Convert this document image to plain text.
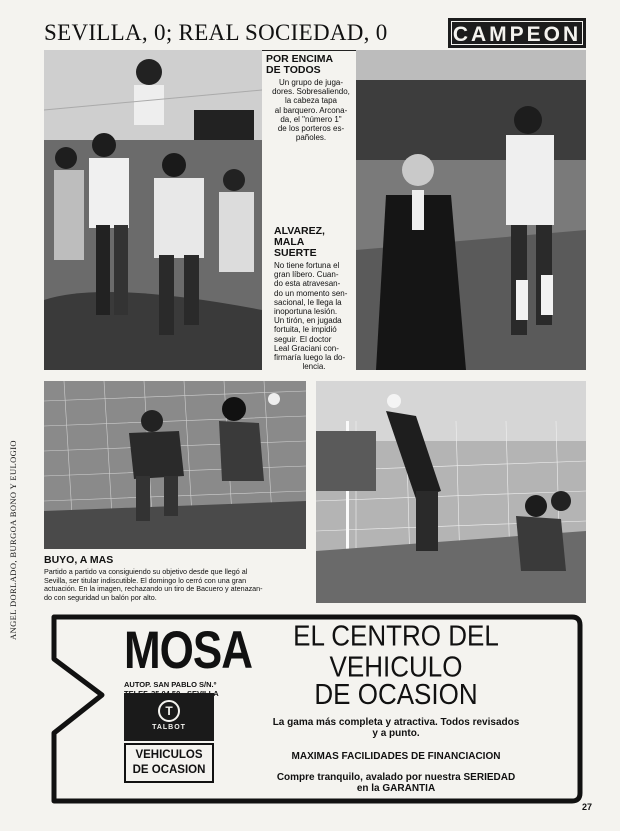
SEVILLA, 0; REAL SOCIEDAD, 0	CAMPEON
ANGEL DORLADO, BURGOA BONO Y EULOGIO
POR ENCIMA
DE TODOS
Un grupo de juga-
dores. Sobresaliendo,
la cabeza tapa
al barquero. Arcona-
da, el "número 1"
de los porteros es-
pañoles.
ALVAREZ,
MALA
SUERTE
No tiene fortuna el
gran líbero. Cuan-
do esta atravesan-
do un momento sen-
sacional, le llega la
inoportuna lesión.
Un tirón, en jugada
fortuita, le impidió
seguir. El doctor
Leal Graciani con-
firmaría luego la do-
lencia.
BUYO, A MAS
Partido a partido va consiguiendo su objetivo desde que llegó al
Sevilla, ser titular indiscutible. El domingo lo cerró con una gran
actuación. En la imagen, rechazando un tiro de Bacuero y atenazan-
do con seguridad un balón por alto.
MOSA
AUTOP. SAN PABLO S/N.º
T
TALBOT
VEHICULOS
DE OCASION
EL CENTRO DEL VEHICULO
DE OCASION
La gama más completa y atractiva. Todos revisados
y a punto.
MAXIMAS FACILIDADES DE FINANCIACION
Compre tranquilo, avalado por nuestra SERIEDAD
en la GARANTIA
27
